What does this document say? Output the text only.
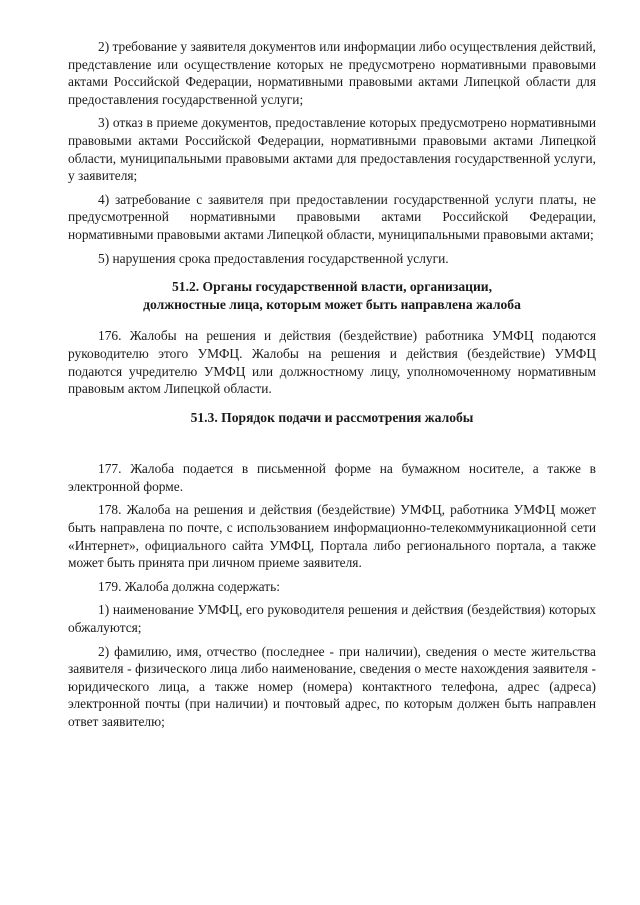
2) требование у заявителя документов или информации либо осуществления действий, представление или осуществление которых не предусмотрено нормативными правовыми актами Российской Федерации, нормативными правовыми актами Липецкой области для предоставления государственной услуги;

3) отказ в приеме документов, предоставление которых предусмотрено нормативными правовыми актами Российской Федерации, нормативными правовыми актами Липецкой области, муниципальными правовыми актами для предоставления государственной услуги, у заявителя;

4) затребование с заявителя при предоставлении государственной услуги платы, не предусмотренной нормативными правовыми актами Российской Федерации, нормативными правовыми актами Липецкой области, муниципальными правовыми актами;

5) нарушения срока предоставления государственной услуги.

51.2. Органы государственной власти, организации,
должностные лица, которым может быть направлена жалоба

176. Жалобы на решения и действия (бездействие) работника УМФЦ подаются руководителю этого УМФЦ. Жалобы на решения и действия (бездействие) УМФЦ подаются учредителю УМФЦ или должностному лицу, уполномоченному нормативным правовым актом Липецкой области.

51.3. Порядок подачи и рассмотрения жалобы

177. Жалоба подается в письменной форме на бумажном носителе, а также в электронной форме.

178. Жалоба на решения и действия (бездействие) УМФЦ, работника УМФЦ может быть направлена по почте, с использованием информационно-телекоммуникационной сети «Интернет», официального сайта УМФЦ, Портала либо регионального портала, а также может быть принята при личном приеме заявителя.

179. Жалоба должна содержать:

1) наименование УМФЦ, его руководителя решения и действия (бездействия) которых обжалуются;

2) фамилию, имя, отчество (последнее - при наличии), сведения о месте жительства заявителя - физического лица либо наименование, сведения о месте нахождения заявителя - юридического лица, а также номер (номера) контактного телефона, адрес (адреса) электронной почты (при наличии) и почтовый адрес, по которым должен быть направлен ответ заявителю;
